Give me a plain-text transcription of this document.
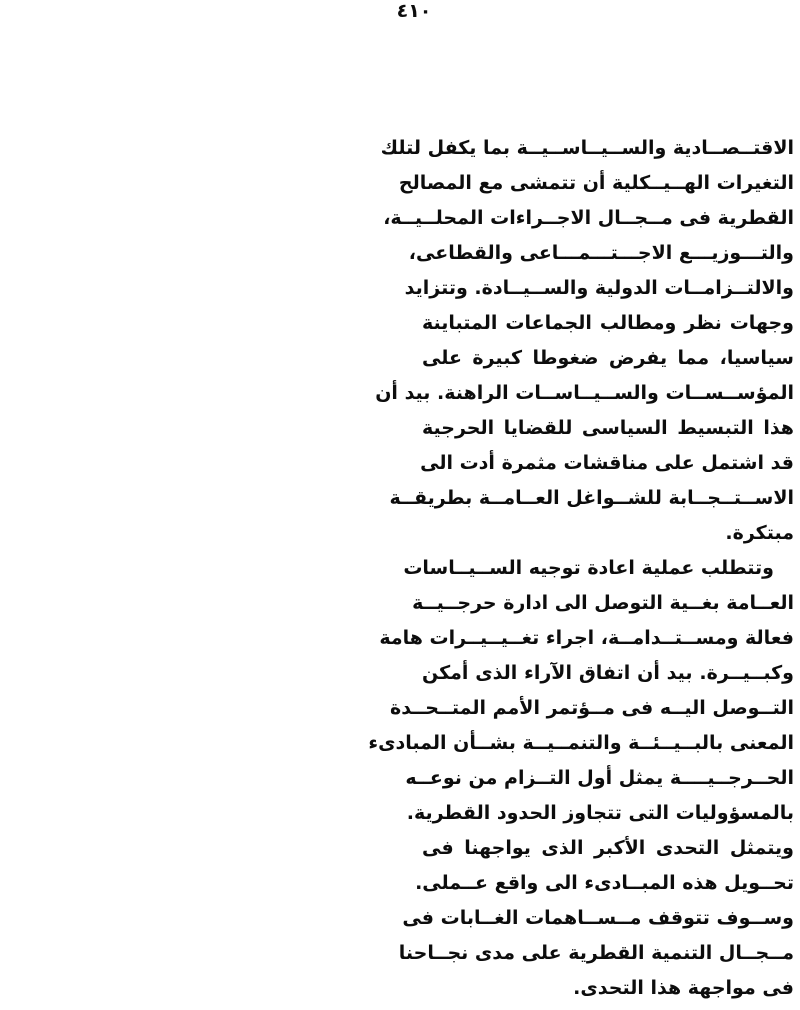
٤١٠
الاقتــصــادية والســيــاســيــة بما يكفل لتلك
التغيرات الهــيــكلية أن تتمشى مع المصالح
القطرية فى مــجــال الاجــراءات المحلــيــة،
والتـــوزيـــع الاجـــتـــمـــاعى والقطاعى،
والالتــزامــات الدولية والســيــادة. وتتزايد
وجهات نظر ومطالب الجماعات المتباينة
سياسيا، مما يفرض ضغوطا كبيرة على
المؤســســات والســيــاســات الراهنة. بيد أن
هذا التبسيط السياسى للقضايا الحرجية
قد اشتمل على مناقشات مثمرة أدت الى
الاســتــجــابة للشــواغل العــامــة بطريقــة
مبتكرة.
وتتطلب عملية اعادة توجيه الســيــاسات
العــامة بغــية التوصل الى ادارة حرجــيــة
فعالة ومســتــدامــة، اجراء تغــيــيــرات هامة
وكبــيــرة. بيد أن اتفاق الآراء الذى أمكن
التــوصل اليــه فى مــؤتمر الأمم المتــحــدة
المعنى بالبــيــئــة والتنمــيــة بشــأن المبادىء
الحــرجــيــــة يمثل أول التــزام من نوعــه
بالمسؤوليات التى تتجاوز الحدود القطرية.
ويتمثل التحدى الأكبر الذى يواجهنا فى
تحــويل هذه المبــادىء الى واقع عــملى.
وســوف تتوقف مــســاهمات الغــابات فى
مــجــال التنمية القطرية على مدى نجــاحنا
فى مواجهة هذا التحدى.
